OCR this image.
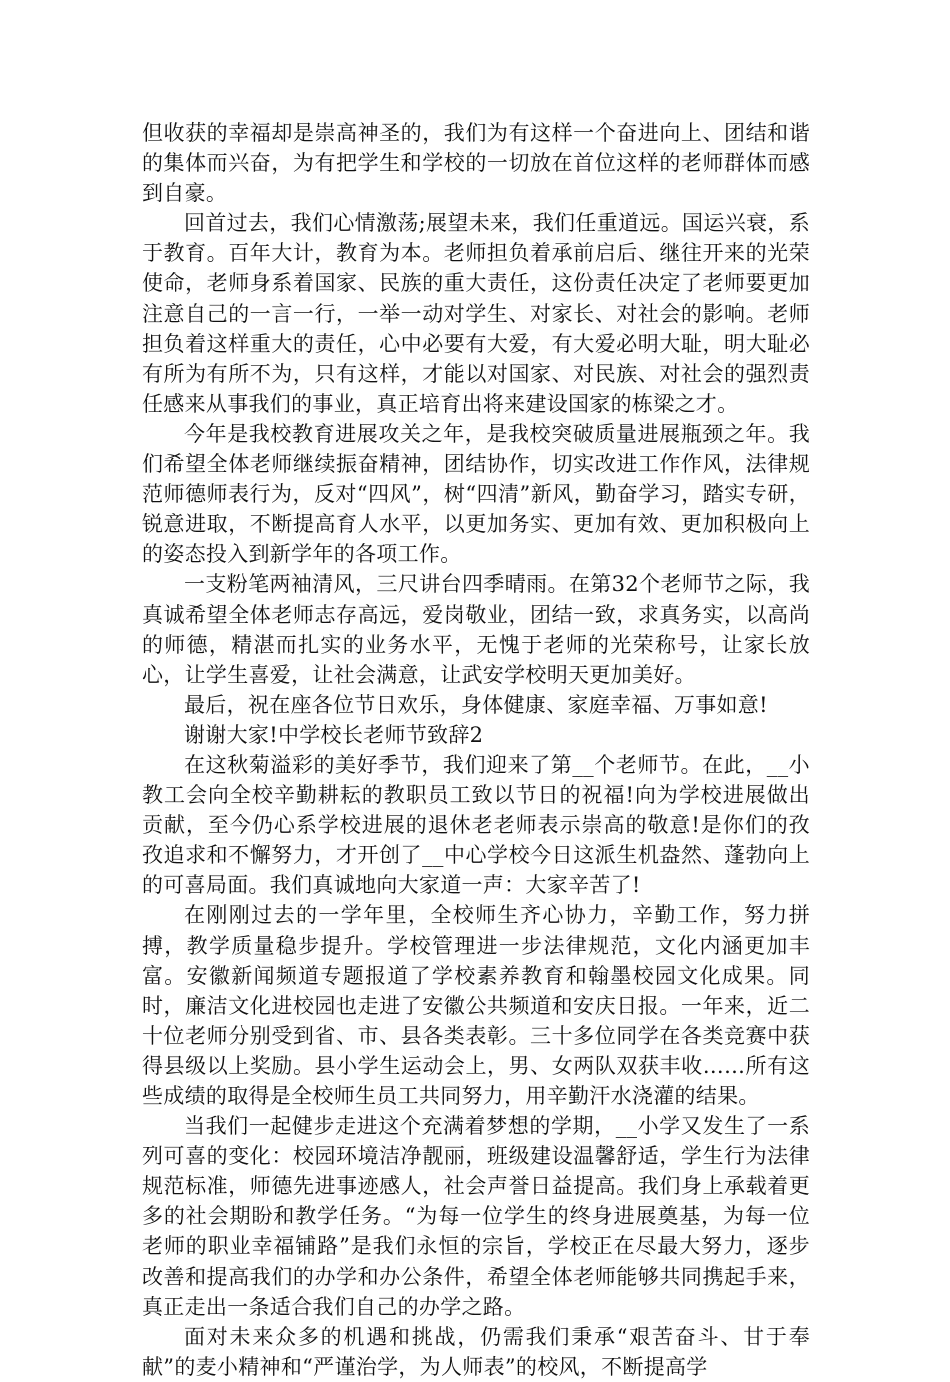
但收获的幸福却是崇高神圣的，我们为有这样一个奋进向上、团结和谐的集体而兴奋，为有把学生和学校的一切放在首位这样的老师群体而感到自豪。

回首过去，我们心情激荡;展望未来，我们任重道远。国运兴衰，系于教育。百年大计，教育为本。老师担负着承前启后、继往开来的光荣使命，老师身系着国家、民族的重大责任，这份责任决定了老师要更加注意自己的一言一行，一举一动对学生、对家长、对社会的影响。老师担负着这样重大的责任，心中必要有大爱，有大爱必明大耻，明大耻必有所为有所不为，只有这样，才能以对国家、对民族、对社会的强烈责任感来从事我们的事业，真正培育出将来建设国家的栋梁之才。

今年是我校教育进展攻关之年，是我校突破质量进展瓶颈之年。我们希望全体老师继续振奋精神，团结协作，切实改进工作作风，法律规范师德师表行为，反对“四风”，树“四清”新风，勤奋学习，踏实专研，锐意进取，不断提高育人水平，以更加务实、更加有效、更加积极向上的姿态投入到新学年的各项工作。

一支粉笔两袖清风，三尺讲台四季晴雨。在第32个老师节之际，我真诚希望全体老师志存高远，爱岗敬业，团结一致，求真务实，以高尚的师德，精湛而扎实的业务水平，无愧于老师的光荣称号，让家长放心，让学生喜爱，让社会满意，让武安学校明天更加美好。

最后，祝在座各位节日欢乐，身体健康、家庭幸福、万事如意!

谢谢大家!中学校长老师节致辞2

在这秋菊溢彩的美好季节，我们迎来了第__个老师节。在此，__小教工会向全校辛勤耕耘的教职员工致以节日的祝福!向为学校进展做出贡献，至今仍心系学校进展的退休老老师表示崇高的敬意!是你们的孜孜追求和不懈努力，才开创了__中心学校今日这派生机盎然、蓬勃向上的可喜局面。我们真诚地向大家道一声：大家辛苦了!

在刚刚过去的一学年里，全校师生齐心协力，辛勤工作，努力拼搏，教学质量稳步提升。学校管理进一步法律规范，文化内涵更加丰富。安徽新闻频道专题报道了学校素养教育和翰墨校园文化成果。同时，廉洁文化进校园也走进了安徽公共频道和安庆日报。一年来，近二十位老师分别受到省、市、县各类表彰。三十多位同学在各类竞赛中获得县级以上奖励。县小学生运动会上，男、女两队双获丰收……所有这些成绩的取得是全校师生员工共同努力，用辛勤汗水浇灌的结果。

当我们一起健步走进这个充满着梦想的学期，__小学又发生了一系列可喜的变化：校园环境洁净靓丽，班级建设温馨舒适，学生行为法律规范标准，师德先进事迹感人，社会声誉日益提高。我们身上承载着更多的社会期盼和教学任务。“为每一位学生的终身进展奠基，为每一位老师的职业幸福铺路”是我们永恒的宗旨，学校正在尽最大努力，逐步改善和提高我们的办学和办公条件，希望全体老师能够共同携起手来，真正走出一条适合我们自己的办学之路。

面对未来众多的机遇和挑战，仍需我们秉承“艰苦奋斗、甘于奉献”的麦小精神和“严谨治学，为人师表”的校风，不断提高学
